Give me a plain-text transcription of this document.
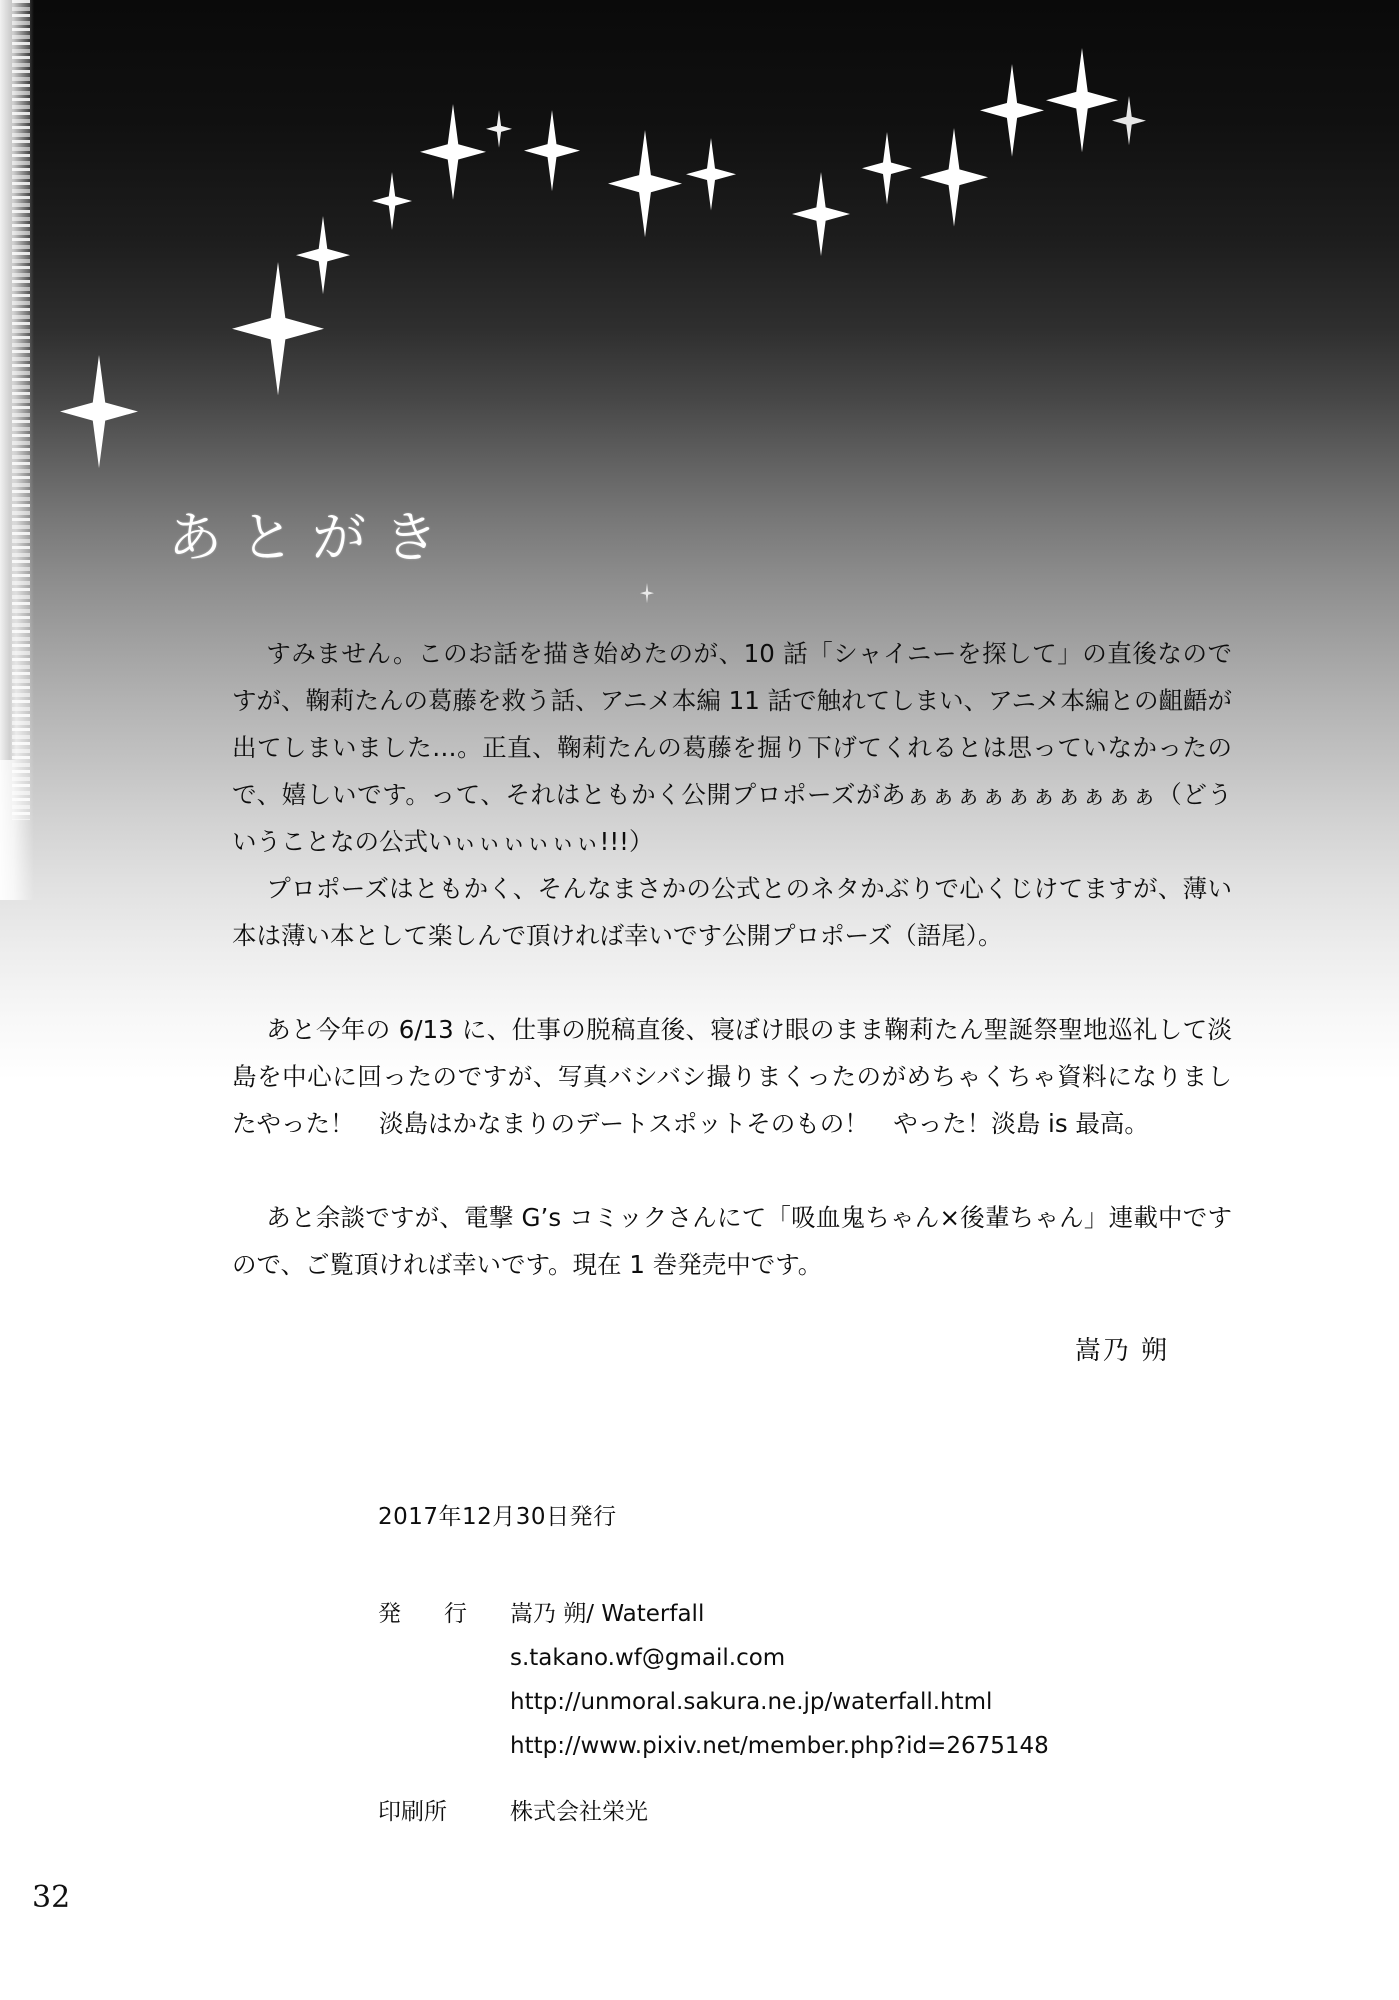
あとがき

すみません。このお話を描き始めたのが、10 話「シャイニーを探して」の直後なのですが、鞠莉たんの葛藤を救う話、アニメ本編 11 話で触れてしまい、アニメ本編との齟齬が出てしまいました…。正直、鞠莉たんの葛藤を掘り下げてくれるとは思っていなかったので、嬉しいです。って、それはともかく公開プロポーズがあぁぁぁぁぁぁぁぁぁぁ（どういうことなの公式いぃぃぃぃぃぃ!!!）

プロポーズはともかく、そんなまさかの公式とのネタかぶりで心くじけてますが、薄い本は薄い本として楽しんで頂ければ幸いです公開プロポーズ（語尾）。

あと今年の 6/13 に、仕事の脱稿直後、寝ぼけ眼のまま鞠莉たん聖誕祭聖地巡礼して淡島を中心に回ったのですが、写真バシバシ撮りまくったのがめちゃくちゃ資料になりましたやった！　淡島はかなまりのデートスポットそのもの！　やった！淡島 is 最高。

あと余談ですが、電撃 G’s コミックさんにて「吸血鬼ちゃん×後輩ちゃん」連載中ですので、ご覧頂ければ幸いです。現在 1 巻発売中です。

嵩乃 朔
2017年12月30日発行
発　行	嵩乃 朔/ Waterfall
s.takano.wf@gmail.com
http://unmoral.sakura.ne.jp/waterfall.html
http://www.pixiv.net/member.php?id=2675148
印刷所	株式会社栄光
32
